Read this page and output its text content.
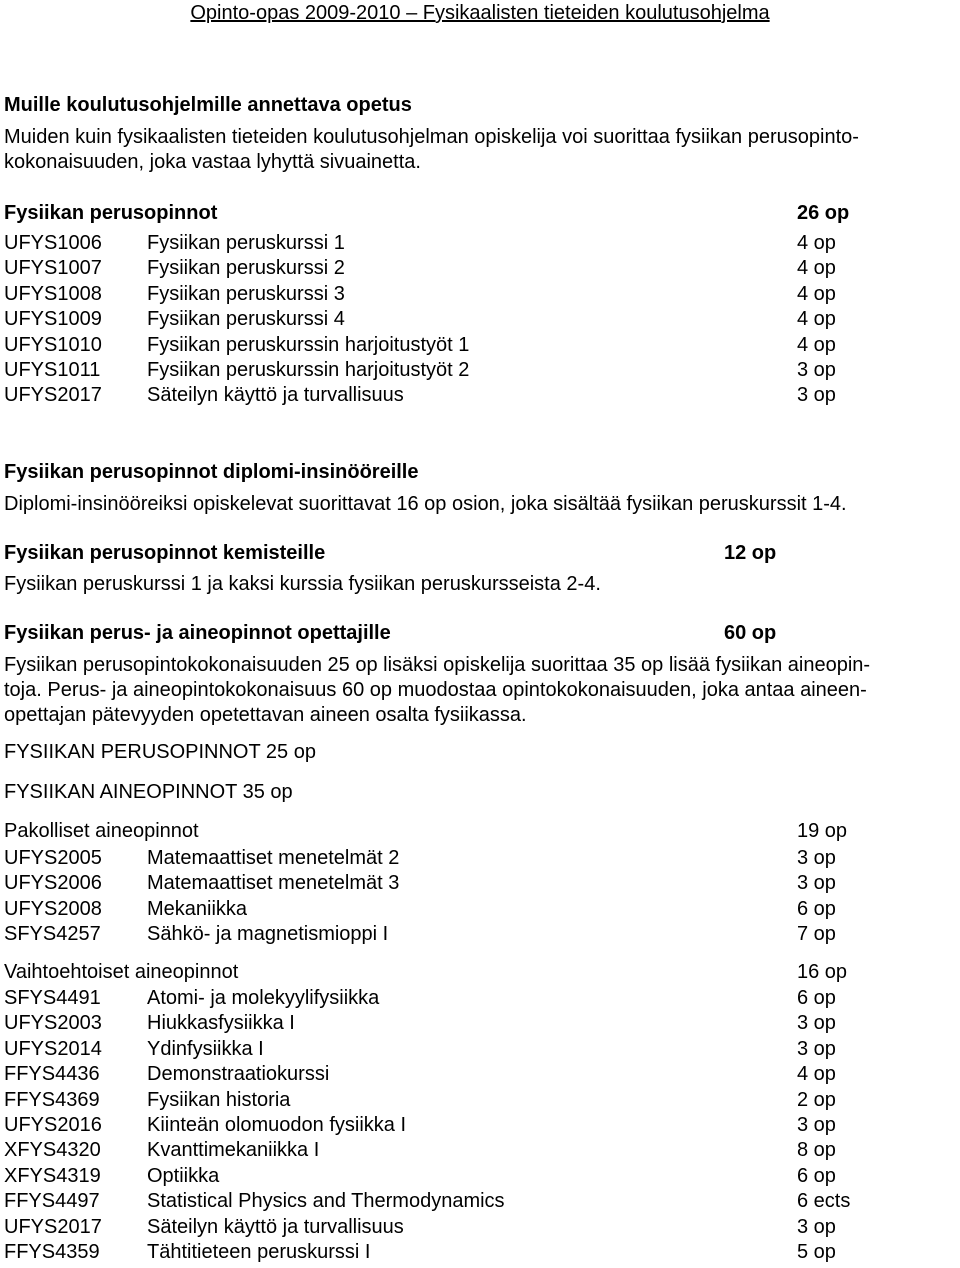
Opinto-opas 2009-2010 – Fysikaalisten tieteiden koulutusohjelma
Muille koulutusohjelmille annettava opetus
Muiden kuin fysikaalisten tieteiden koulutusohjelman opiskelija voi suorittaa fysiikan perusopinto-
kokonaisuuden, joka vastaa lyhyttä sivuainetta.
Fysiikan perusopinnot	26 op
UFYS1006 Fysiikan peruskurssi 1	4 op
UFYS1007 Fysiikan peruskurssi 2	4 op
UFYS1008 Fysiikan peruskurssi 3	4 op
UFYS1009 Fysiikan peruskurssi 4	4 op
UFYS1010 Fysiikan peruskurssin harjoitustyöt 1	4 op
UFYS1011 Fysiikan peruskurssin harjoitustyöt 2	3 op
UFYS2017 Säteilyn käyttö ja turvallisuus	3 op
Fysiikan perusopinnot diplomi-insinööreille
Diplomi-insinöörеiksi opiskelevat suorittavat 16 op osion, joka sisältää fysiikan peruskurssit 1-4.
Fysiikan perusopinnot kemisteille	12 op
Fysiikan peruskurssi 1 ja kaksi kurssia fysiikan peruskursseista 2-4.
Fysiikan perus- ja aineopinnot opettajille	60 op
Fysiikan perusopintokokonaisuuden 25 op lisäksi opiskelija suorittaa 35 op lisää fysiikan aineopin-
toja. Perus- ja aineopintokokonaisuus 60 op muodostaa opintokokonaisuuden, joka antaa aineen-
opettajan pätevyyden opetettavan aineen osalta fysiikassa.
FYSIIKAN PERUSOPINNOT 25 op
FYSIIKAN AINEOPINNOT 35 op
Pakolliset aineopinnot	19 op
UFYS2005 Matemaattiset menetelmät 2	3 op
UFYS2006 Matemaattiset menetelmät 3	3 op
UFYS2008 Mekaniikka	6 op
SFYS4257 Sähkö- ja magnetismioppi I	7 op
Vaihtoehtoiset aineopinnot	16 op
SFYS4491 Atomi- ja molekyylifysiikka	6 op
UFYS2003 Hiukkasfysiikka I	3 op
UFYS2014 Ydinfysiikka I	3 op
FFYS4436 Demonstraatiokurssi	4 op
FFYS4369 Fysiikan historia	2 op
UFYS2016 Kiinteän olomuodon fysiikka I	3 op
XFYS4320 Kvanttimekaniikka I	8 op
XFYS4319 Optiikka	6 op
FFYS4497 Statistical Physics and Thermodynamics	6 ects
UFYS2017 Säteilyn käyttö ja turvallisuus	3 op
FFYS4359 Tähtitieteen peruskurssi I	5 op
